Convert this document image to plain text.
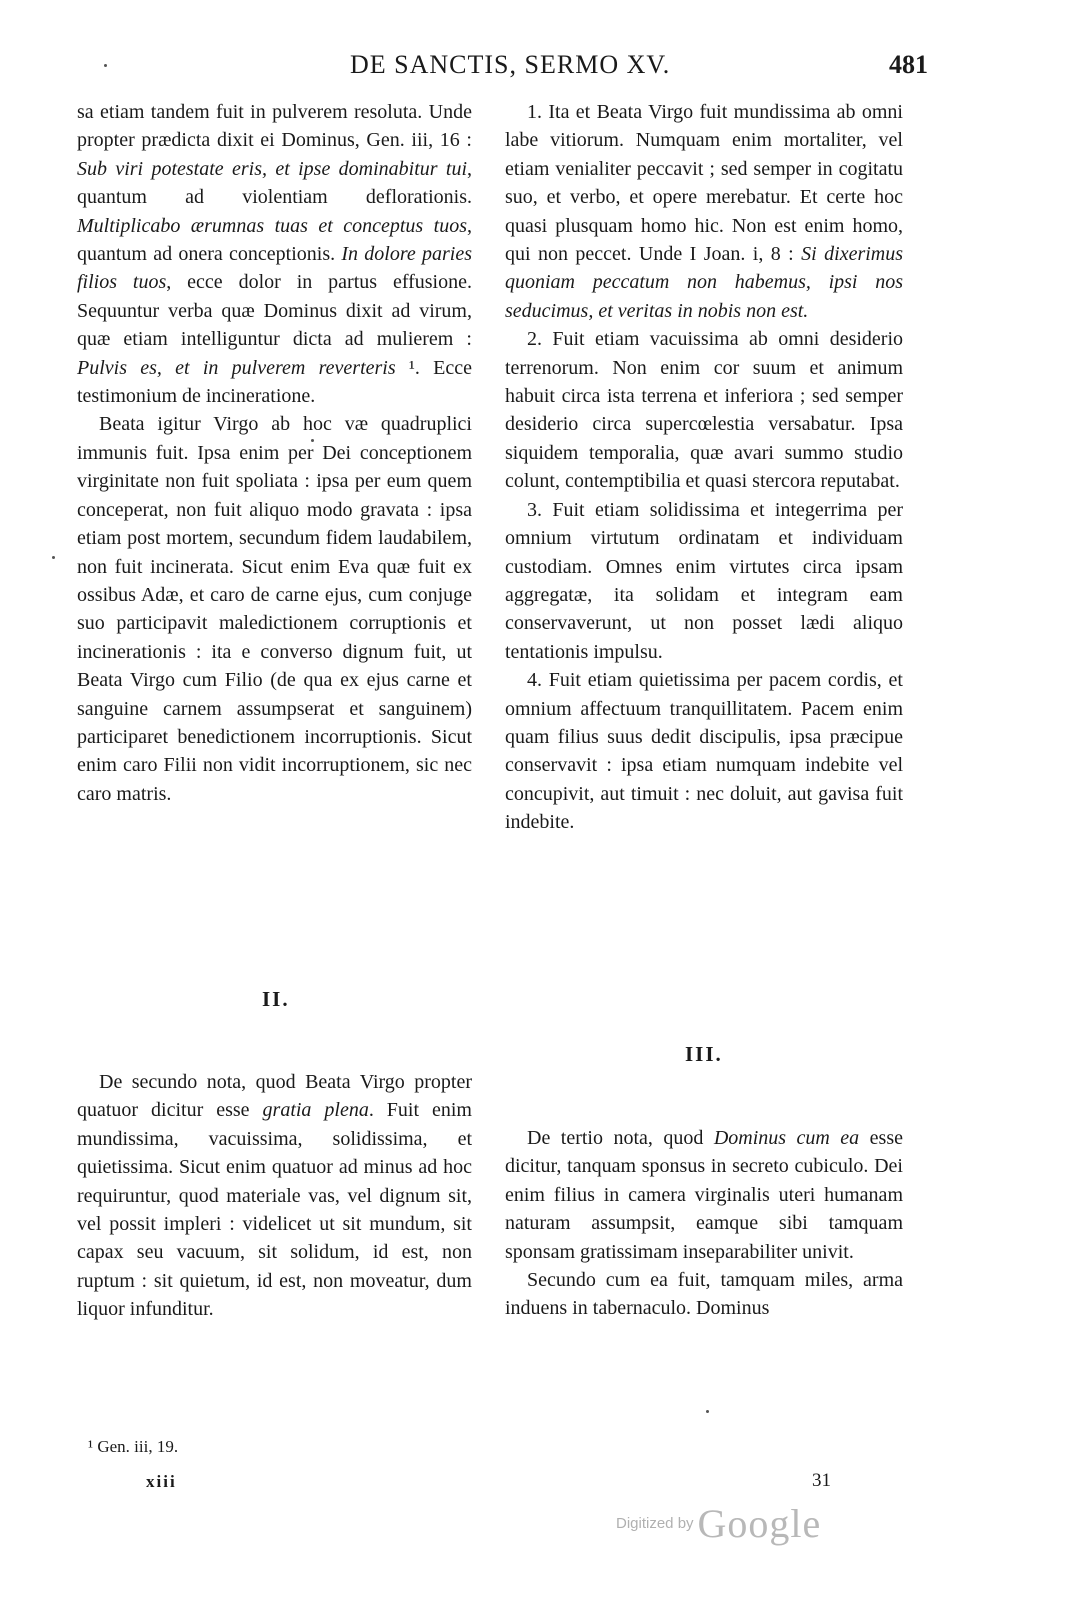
DE SANCTIS, SERMO XV.	481

sa etiam tandem fuit in pulverem resoluta. Unde propter prædicta dixit ei Dominus, Gen. iii, 16 : Sub viri potestate eris, et ipse dominabitur tui, quantum ad violentiam deflorationis. Multiplicabo ærumnas tuas et conceptus tuos, quantum ad onera conceptionis. In dolore paries filios tuos, ecce dolor in partus effusione. Sequuntur verba quæ Dominus dixit ad virum, quæ etiam intelliguntur dicta ad mulierem : Pulvis es, et in pulverem reverteris ¹. Ecce testimonium de incineratione.

Beata igitur Virgo ab hoc væ quadruplici immunis fuit. Ipsa enim per Dei conceptionem virginitate non fuit spoliata : ipsa per eum quem conceperat, non fuit aliquo modo gravata : ipsa etiam post mortem, secundum fidem laudabilem, non fuit incinerata. Sicut enim Eva quæ fuit ex ossibus Adæ, et caro de carne ejus, cum conjuge suo participavit maledictionem corruptionis et incinerationis : ita e converso dignum fuit, ut Beata Virgo cum Filio (de qua ex ejus carne et sanguine carnem assumpserat et sanguinem) participaret benedictionem incorruptionis. Sicut enim caro Filii non vidit incorruptionem, sic nec caro matris.

1. Ita et Beata Virgo fuit mundissima ab omni labe vitiorum. Numquam enim mortaliter, vel etiam venialiter peccavit ; sed semper in cogitatu suo, et verbo, et opere merebatur. Et certe hoc quasi plusquam homo hic. Non est enim homo, qui non peccet. Unde I Joan. i, 8 : Si dixerimus quoniam peccatum non habemus, ipsi nos seducimus, et veritas in nobis non est.

2. Fuit etiam vacuissima ab omni desiderio terrenorum. Non enim cor suum et animum habuit circa ista terrena et inferiora ; sed semper desiderio circa supercœlestia versabatur. Ipsa siquidem temporalia, quæ avari summo studio colunt, contemptibilia et quasi stercora reputabat.

3. Fuit etiam solidissima et integerrima per omnium virtutum ordinatam et individuam custodiam. Omnes enim virtutes circa ipsam aggregatæ, ita solidam et integram eam conservaverunt, ut non posset lædi aliquo tentationis impulsu.

4. Fuit etiam quietissima per pacem cordis, et omnium affectuum tranquillitatem. Pacem enim quam filius suus dedit discipulis, ipsa præcipue conservavit : ipsa etiam numquam indebite vel concupivit, aut timuit : nec doluit, aut gavisa fuit indebite.

II.

De secundo nota, quod Beata Virgo propter quatuor dicitur esse gratia plena. Fuit enim mundissima, vacuissima, solidissima, et quietissima. Sicut enim quatuor ad minus ad hoc requiruntur, quod materiale vas, vel dignum sit, vel possit impleri : videlicet ut sit mundum, sit capax seu vacuum, sit solidum, id est, non ruptum : sit quietum, id est, non moveatur, dum liquor infunditur.

III.

De tertio nota, quod Dominus cum ea esse dicitur, tanquam sponsus in secreto cubiculo. Dei enim filius in camera virginalis uteri humanam naturam assumpsit, eamque sibi tamquam sponsam gratissimam inseparabiliter univit.

Secundo cum ea fuit, tamquam miles, arma induens in tabernaculo. Dominus

¹ Gen. iii, 19.
xiii	31
Digitized by Google
